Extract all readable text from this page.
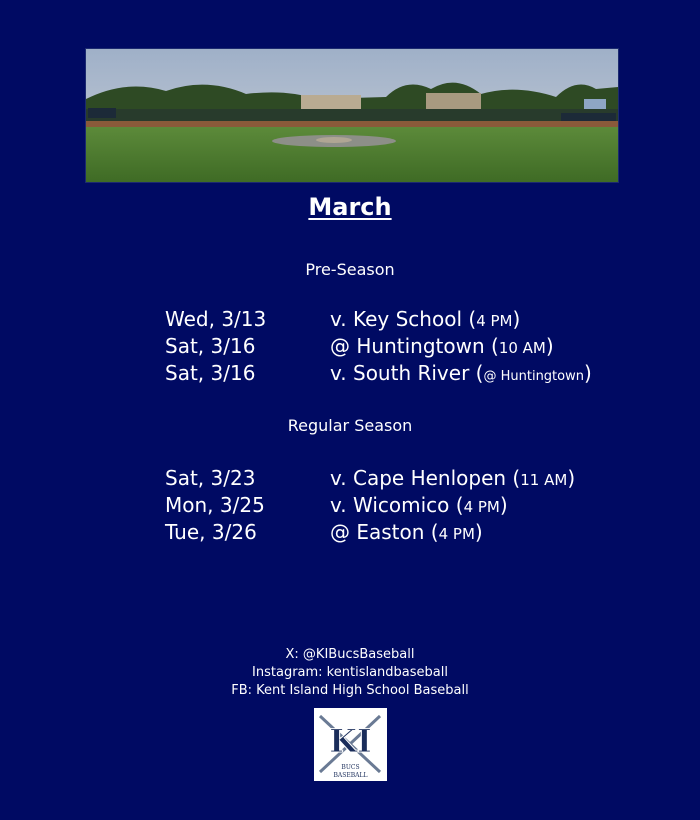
March
Pre-Season
Wed, 3/13	v. Key School (4 PM)
Sat, 3/16	@ Huntingtown (10 AM)
Sat, 3/16	v. South River (@ Huntingtown)
Regular Season
Sat, 3/23	v. Cape Henlopen (11 AM)
Mon, 3/25	v. Wicomico (4 PM)
Tue, 3/26	@ Easton (4 PM)
X: @KIBucsBaseball
Instagram: kentislandbaseball
FB: Kent Island High School Baseball
KI
BUCS
BASEBALL
